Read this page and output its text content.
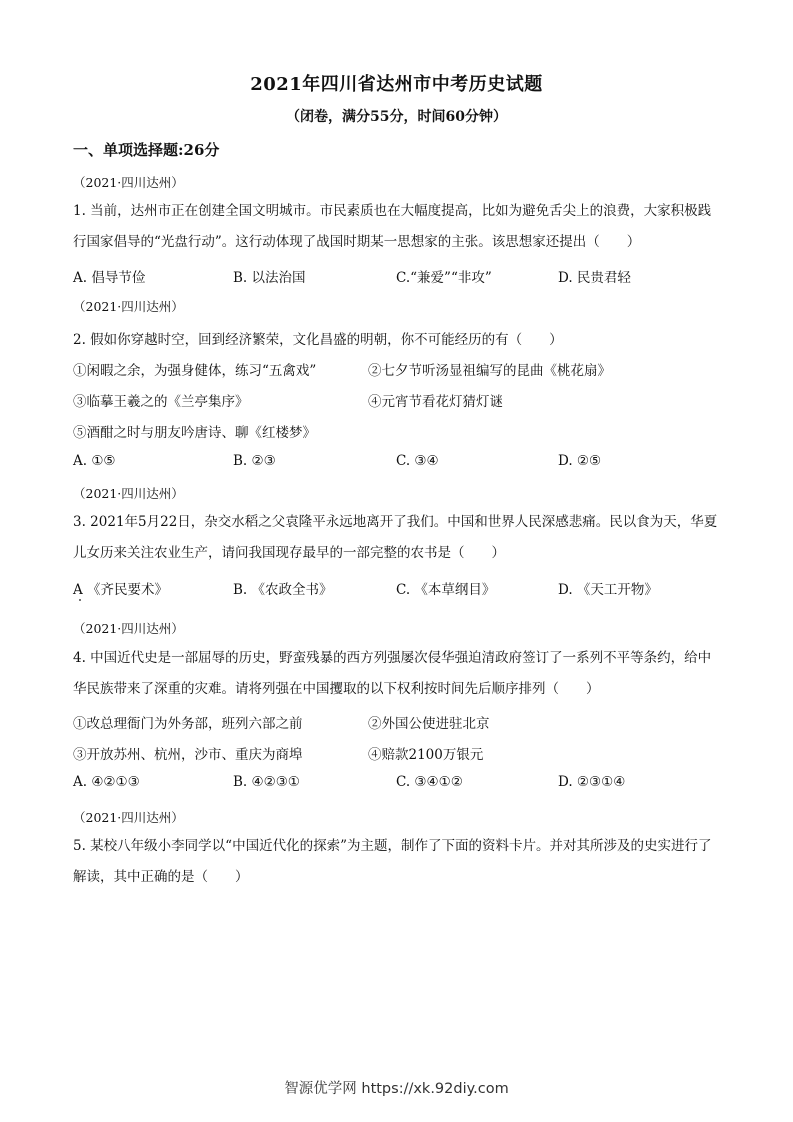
2021年四川省达州市中考历史试题
（闭卷，满分55分，时间60分钟）
一、单项选择题:26分
（2021·四川达州）
1. 当前，达州市正在创建全国文明城市。市民素质也在大幅度提高，比如为避免舌尖上的浪费，大家积极践行国家倡导的“光盘行动”。这行动体现了战国时期某一思想家的主张。该思想家还提出（　　）
A. 倡导节俭	B. 以法治国	C.“兼爱”“非攻”	D. 民贵君轻
（2021·四川达州）
2. 假如你穿越时空，回到经济繁荣，文化昌盛的明朝，你不可能经历的有（　　）
①闲暇之余，为强身健体，练习“五禽戏”	②七夕节听汤显祖编写的昆曲《桃花扇》
③临摹王羲之的《兰亭集序》	④元宵节看花灯猜灯谜
⑤酒酣之时与朋友吟唐诗、聊《红楼梦》
A. ①⑤	B. ②③	C. ③④	D. ②⑤
（2021·四川达州）
3. 2021年5月22日，杂交水稻之父袁隆平永远地离开了我们。中国和世界人民深感悲痛。民以食为天，华夏儿女历来关注农业生产，请问我国现存最早的一部完整的农书是（　　）
A 《齐民要术》	B. 《农政全书》	C. 《本草纲目》	D. 《天工开物》
（2021·四川达州）
4. 中国近代史是一部屈辱的历史，野蛮残暴的西方列强屡次侵华强迫清政府签订了一系列不平等条约，给中华民族带来了深重的灾难。请将列强在中国攫取的以下权利按时间先后顺序排列（　　）
①改总理衙门为外务部，班列六部之前	②外国公使进驻北京
③开放苏州、杭州，沙市、重庆为商埠	④赔款2100万银元
A. ④②①③	B. ④②③①	C. ③④①②	D. ②③①④
（2021·四川达州）
5. 某校八年级小李同学以“中国近代化的探索”为主题，制作了下面的资料卡片。并对其所涉及的史实进行了解读，其中正确的是（　　）
智源优学网 https://xk.92diy.com
